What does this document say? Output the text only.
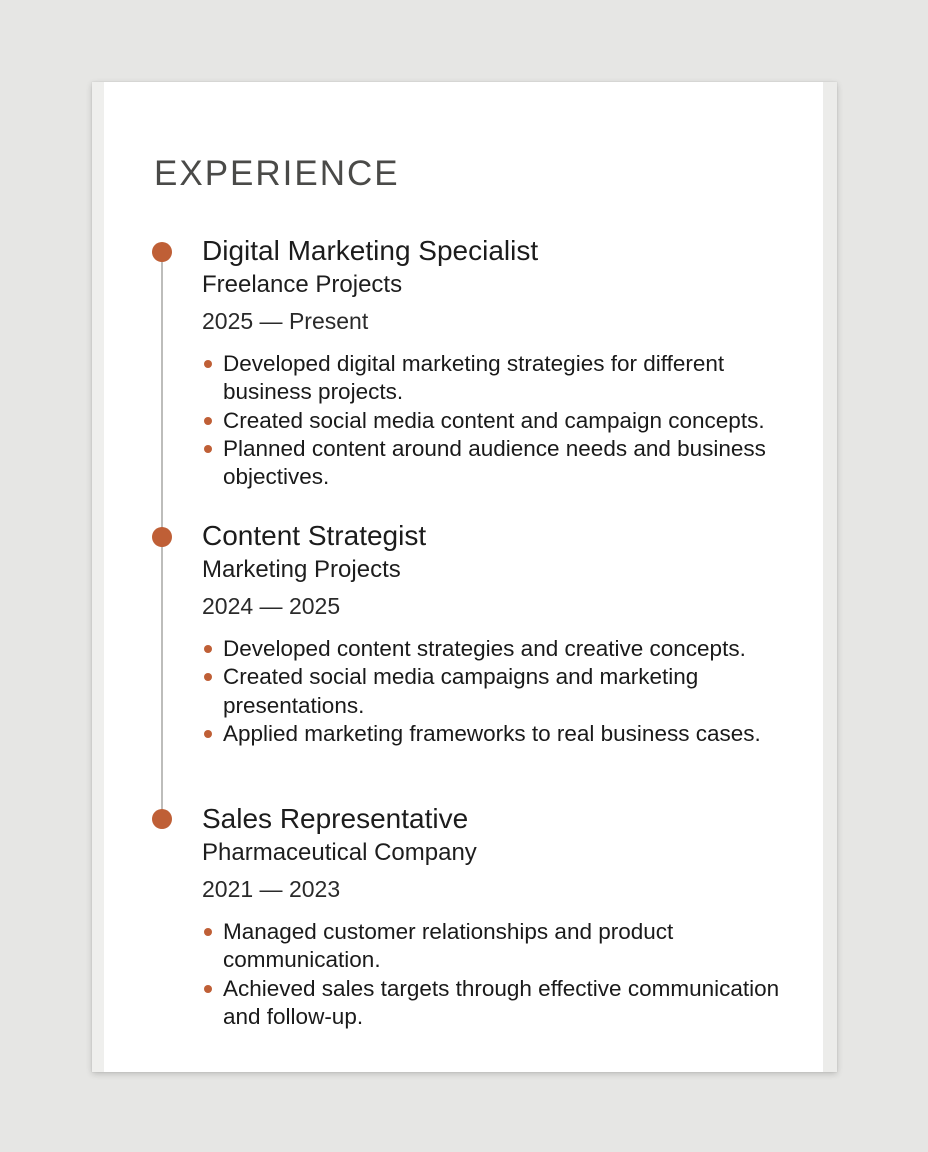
EXPERIENCE
Digital Marketing Specialist
Freelance Projects
2025 — Present
Developed digital marketing strategies for different business projects.
Created social media content and campaign concepts.
Planned content around audience needs and business objectives.
Content Strategist
Marketing Projects
2024 — 2025
Developed content strategies and creative concepts.
Created social media campaigns and marketing presentations.
Applied marketing frameworks to real business cases.
Sales Representative
Pharmaceutical Company
2021 — 2023
Managed customer relationships and product communication.
Achieved sales targets through effective communication and follow-up.
